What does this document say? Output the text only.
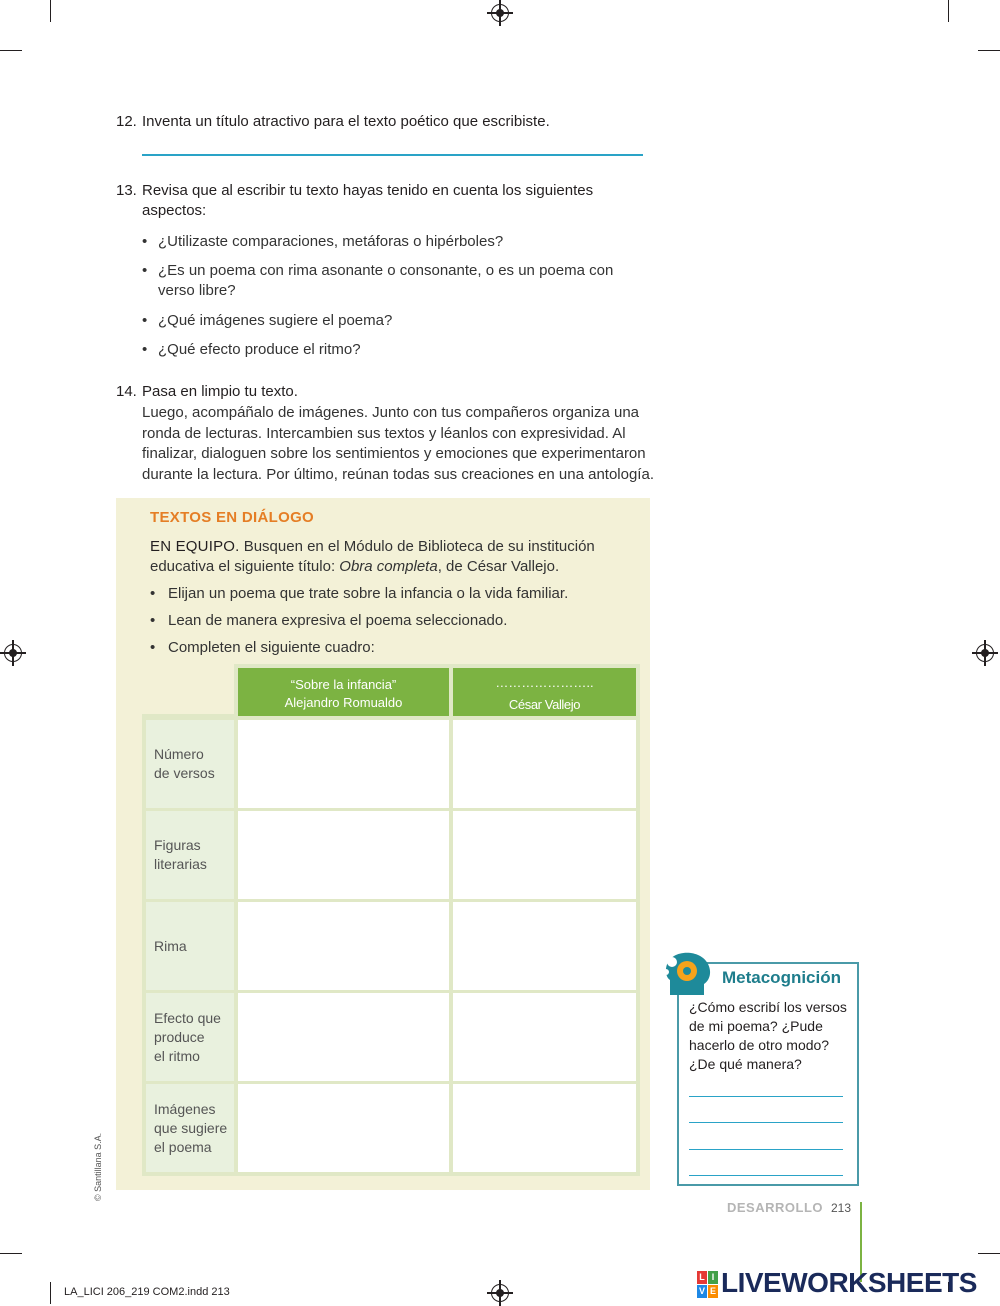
12. Inventa un título atractivo para el texto poético que escribiste.
13. Revisa que al escribir tu texto hayas tenido en cuenta los siguientes
aspectos:
• ¿Utilizaste comparaciones, metáforas o hipérboles?
• ¿Es un poema con rima asonante o consonante, o es un poema con
verso libre?
• ¿Qué imágenes sugiere el poema?
• ¿Qué efecto produce el ritmo?
14. Pasa en limpio tu texto.
Luego, acompáñalo de imágenes. Junto con tus compañeros organiza una
ronda de lecturas. Intercambien sus textos y léanlos con expresividad. Al
finalizar, dialoguen sobre los sentimientos y emociones que experimentaron
durante la lectura. Por último, reúnan todas sus creaciones en una antología.
TEXTOS EN DIÁLOGO
EN EQUIPO. Busquen en el Módulo de Biblioteca de su institución
educativa el siguiente título: Obra completa, de César Vallejo.
• Elijan un poema que trate sobre la infancia o la vida familiar.
• Lean de manera expresiva el poema seleccionado.
• Completen el siguiente cuadro:
“Sobre la infancia”
Alejandro Romualdo
…………………..
César Vallejo
Número
de versos
Figuras
literarias
Rima
Efecto que
produce
el ritmo
Imágenes
que sugiere
el poema
© Santillana S.A.
Metacognición
¿Cómo escribí los versos
de mi poema? ¿Pude
hacerlo de otro modo?
¿De qué manera?
DESARROLLO 213
LA_LICI 206_219 COM2.indd 213
L I
V E LIVEWORKSHEETS
